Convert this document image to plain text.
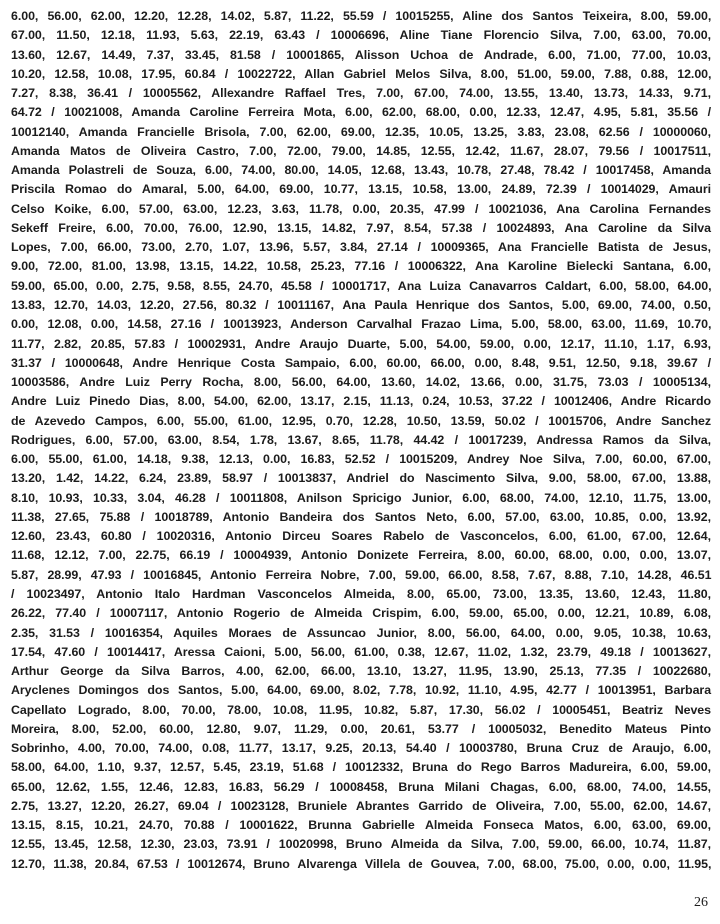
6.00, 56.00, 62.00, 12.20, 12.28, 14.02, 5.87, 11.22, 55.59 / 10015255, Aline dos Santos Teixeira, 8.00, 59.00,
67.00, 11.50, 12.18, 11.93, 5.63, 22.19, 63.43 / 10006696, Aline Tiane Florencio Silva, 7.00, 63.00, 70.00,
13.60, 12.67, 14.49, 7.37, 33.45, 81.58 / 10001865, Alisson Uchoa de Andrade, 6.00, 71.00, 77.00, 10.03,
10.20, 12.58, 10.08, 17.95, 60.84 / 10022722, Allan Gabriel Melos Silva, 8.00, 51.00, 59.00, 7.88, 0.88, 12.00,
7.27, 8.38, 36.41 / 10005562, Allexandre Raffael Tres, 7.00, 67.00, 74.00, 13.55, 13.40, 13.73, 14.33, 9.71,
64.72 / 10021008, Amanda Caroline Ferreira Mota, 6.00, 62.00, 68.00, 0.00, 12.33, 12.47, 4.95, 5.81, 35.56 /
10012140, Amanda Francielle Brisola, 7.00, 62.00, 69.00, 12.35, 10.05, 13.25, 3.83, 23.08, 62.56 / 10000060,
Amanda Matos de Oliveira Castro, 7.00, 72.00, 79.00, 14.85, 12.55, 12.42, 11.67, 28.07, 79.56 / 10017511,
Amanda Polastreli de Souza, 6.00, 74.00, 80.00, 14.05, 12.68, 13.43, 10.78, 27.48, 78.42 / 10017458, Amanda
Priscila Romao do Amaral, 5.00, 64.00, 69.00, 10.77, 13.15, 10.58, 13.00, 24.89, 72.39 / 10014029, Amauri
Celso Koike, 6.00, 57.00, 63.00, 12.23, 3.63, 11.78, 0.00, 20.35, 47.99 / 10021036, Ana Carolina Fernandes
Sekeff Freire, 6.00, 70.00, 76.00, 12.90, 13.15, 14.82, 7.97, 8.54, 57.38 / 10024893, Ana Caroline da Silva
Lopes, 7.00, 66.00, 73.00, 2.70, 1.07, 13.96, 5.57, 3.84, 27.14 / 10009365, Ana Francielle Batista de Jesus,
9.00, 72.00, 81.00, 13.98, 13.15, 14.22, 10.58, 25.23, 77.16 / 10006322, Ana Karoline Bielecki Santana, 6.00,
59.00, 65.00, 0.00, 2.75, 9.58, 8.55, 24.70, 45.58 / 10001717, Ana Luiza Canavarros Caldart, 6.00, 58.00, 64.00,
13.83, 12.70, 14.03, 12.20, 27.56, 80.32 / 10011167, Ana Paula Henrique dos Santos, 5.00, 69.00, 74.00, 0.50,
0.00, 12.08, 0.00, 14.58, 27.16 / 10013923, Anderson Carvalhal Frazao Lima, 5.00, 58.00, 63.00, 11.69, 10.70,
11.77, 2.82, 20.85, 57.83 / 10002931, Andre Araujo Duarte, 5.00, 54.00, 59.00, 0.00, 12.17, 11.10, 1.17, 6.93,
31.37 / 10000648, Andre Henrique Costa Sampaio, 6.00, 60.00, 66.00, 0.00, 8.48, 9.51, 12.50, 9.18, 39.67 /
10003586, Andre Luiz Perry Rocha, 8.00, 56.00, 64.00, 13.60, 14.02, 13.66, 0.00, 31.75, 73.03 / 10005134,
Andre Luiz Pinedo Dias, 8.00, 54.00, 62.00, 13.17, 2.15, 11.13, 0.24, 10.53, 37.22 / 10012406, Andre Ricardo
de Azevedo Campos, 6.00, 55.00, 61.00, 12.95, 0.70, 12.28, 10.50, 13.59, 50.02 / 10015706, Andre Sanchez
Rodrigues, 6.00, 57.00, 63.00, 8.54, 1.78, 13.67, 8.65, 11.78, 44.42 / 10017239, Andressa Ramos da Silva,
6.00, 55.00, 61.00, 14.18, 9.38, 12.13, 0.00, 16.83, 52.52 / 10015209, Andrey Noe Silva, 7.00, 60.00, 67.00,
13.20, 1.42, 14.22, 6.24, 23.89, 58.97 / 10013837, Andriel do Nascimento Silva, 9.00, 58.00, 67.00, 13.88,
8.10, 10.93, 10.33, 3.04, 46.28 / 10011808, Anilson Spricigo Junior, 6.00, 68.00, 74.00, 12.10, 11.75, 13.00,
11.38, 27.65, 75.88 / 10018789, Antonio Bandeira dos Santos Neto, 6.00, 57.00, 63.00, 10.85, 0.00, 13.92,
12.60, 23.43, 60.80 / 10020316, Antonio Dirceu Soares Rabelo de Vasconcelos, 6.00, 61.00, 67.00, 12.64,
11.68, 12.12, 7.00, 22.75, 66.19 / 10004939, Antonio Donizete Ferreira, 8.00, 60.00, 68.00, 0.00, 0.00, 13.07,
5.87, 28.99, 47.93 / 10016845, Antonio Ferreira Nobre, 7.00, 59.00, 66.00, 8.58, 7.67, 8.88, 7.10, 14.28, 46.51
/ 10023497, Antonio Italo Hardman Vasconcelos Almeida, 8.00, 65.00, 73.00, 13.35, 13.60, 12.43, 11.80,
26.22, 77.40 / 10007117, Antonio Rogerio de Almeida Crispim, 6.00, 59.00, 65.00, 0.00, 12.21, 10.89, 6.08,
2.35, 31.53 / 10016354, Aquiles Moraes de Assuncao Junior, 8.00, 56.00, 64.00, 0.00, 9.05, 10.38, 10.63,
17.54, 47.60 / 10014417, Aressa Caioni, 5.00, 56.00, 61.00, 0.38, 12.67, 11.02, 1.32, 23.79, 49.18 / 10013627,
Arthur George da Silva Barros, 4.00, 62.00, 66.00, 13.10, 13.27, 11.95, 13.90, 25.13, 77.35 / 10022680,
Aryclenes Domingos dos Santos, 5.00, 64.00, 69.00, 8.02, 7.78, 10.92, 11.10, 4.95, 42.77 / 10013951, Barbara
Capellato Logrado, 8.00, 70.00, 78.00, 10.08, 11.95, 10.82, 5.87, 17.30, 56.02 / 10005451, Beatriz Neves
Moreira, 8.00, 52.00, 60.00, 12.80, 9.07, 11.29, 0.00, 20.61, 53.77 / 10005032, Benedito Mateus Pinto
Sobrinho, 4.00, 70.00, 74.00, 0.08, 11.77, 13.17, 9.25, 20.13, 54.40 / 10003780, Bruna Cruz de Araujo, 6.00,
58.00, 64.00, 1.10, 9.37, 12.57, 5.45, 23.19, 51.68 / 10012332, Bruna do Rego Barros Madureira, 6.00, 59.00,
65.00, 12.62, 1.55, 12.46, 12.83, 16.83, 56.29 / 10008458, Bruna Milani Chagas, 6.00, 68.00, 74.00, 14.55,
2.75, 13.27, 12.20, 26.27, 69.04 / 10023128, Bruniele Abrantes Garrido de Oliveira, 7.00, 55.00, 62.00, 14.67,
13.15, 8.15, 10.21, 24.70, 70.88 / 10001622, Brunna Gabrielle Almeida Fonseca Matos, 6.00, 63.00, 69.00,
12.55, 13.45, 12.58, 12.30, 23.03, 73.91 / 10020998, Bruno Almeida da Silva, 7.00, 59.00, 66.00, 10.74, 11.87,
12.70, 11.38, 20.84, 67.53 / 10012674, Bruno Alvarenga Villela de Gouvea, 7.00, 68.00, 75.00, 0.00, 0.00, 11.95,
26
